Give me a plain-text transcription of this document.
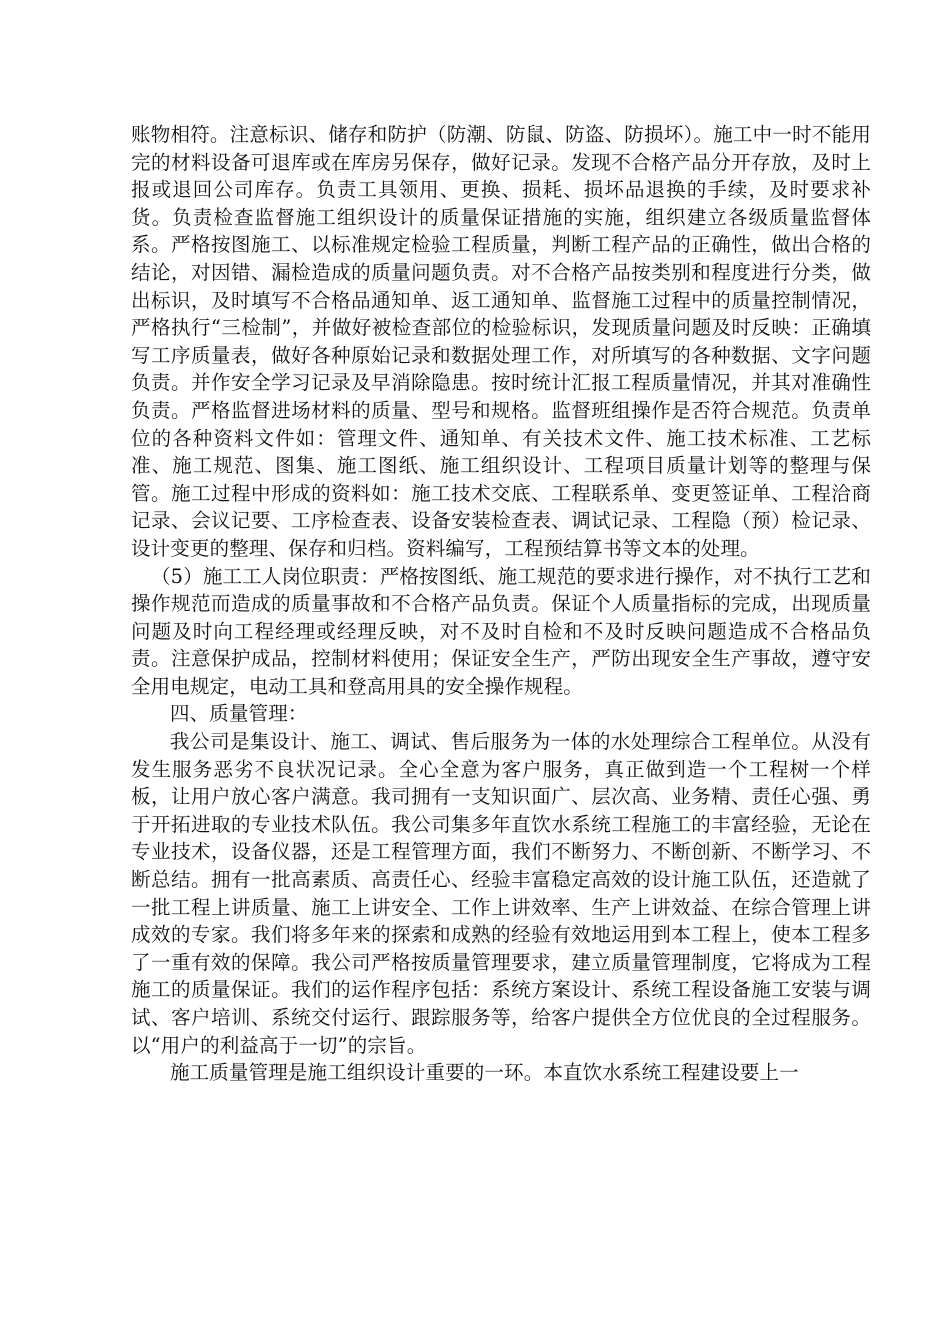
账物相符。注意标识、储存和防护（防潮、防鼠、防盗、防损坏）。施工中一时不能用完的材料设备可退库或在库房另保存，做好记录。发现不合格产品分开存放，及时上报或退回公司库存。负责工具领用、更换、损耗、损坏品退换的手续，及时要求补货。负责检查监督施工组织设计的质量保证措施的实施，组织建立各级质量监督体系。严格按图施工、以标准规定检验工程质量，判断工程产品的正确性，做出合格的结论，对因错、漏检造成的质量问题负责。对不合格产品按类别和程度进行分类，做出标识，及时填写不合格品通知单、返工通知单、监督施工过程中的质量控制情况，严格执行“三检制”，并做好被检查部位的检验标识，发现质量问题及时反映：正确填写工序质量表，做好各种原始记录和数据处理工作，对所填写的各种数据、文字问题负责。并作安全学习记录及早消除隐患。按时统计汇报工程质量情况，并其对准确性负责。严格监督进场材料的质量、型号和规格。监督班组操作是否符合规范。负责单位的各种资料文件如：管理文件、通知单、有关技术文件、施工技术标准、工艺标准、施工规范、图集、施工图纸、施工组织设计、工程项目质量计划等的整理与保管。施工过程中形成的资料如：施工技术交底、工程联系单、变更签证单、工程洽商记录、会议记要、工序检查表、设备安装检查表、调试记录、工程隐（预）检记录、设计变更的整理、保存和归档。资料编写，工程预结算书等文本的处理。

（5）施工工人岗位职责：严格按图纸、施工规范的要求进行操作，对不执行工艺和操作规范而造成的质量事故和不合格产品负责。保证个人质量指标的完成，出现质量问题及时向工程经理或经理反映，对不及时自检和不及时反映问题造成不合格品负责。注意保护成品，控制材料使用；保证安全生产，严防出现安全生产事故，遵守安全用电规定，电动工具和登高用具的安全操作规程。

四、质量管理：

我公司是集设计、施工、调试、售后服务为一体的水处理综合工程单位。从没有发生服务恶劣不良状况记录。全心全意为客户服务，真正做到造一个工程树一个样板，让用户放心客户满意。我司拥有一支知识面广、层次高、业务精、责任心强、勇于开拓进取的专业技术队伍。我公司集多年直饮水系统工程施工的丰富经验，无论在专业技术，设备仪器，还是工程管理方面，我们不断努力、不断创新、不断学习、不断总结。拥有一批高素质、高责任心、经验丰富稳定高效的设计施工队伍，还造就了一批工程上讲质量、施工上讲安全、工作上讲效率、生产上讲效益、在综合管理上讲成效的专家。我们将多年来的探索和成熟的经验有效地运用到本工程上，使本工程多了一重有效的保障。我公司严格按质量管理要求，建立质量管理制度，它将成为工程施工的质量保证。我们的运作程序包括：系统方案设计、系统工程设备施工安装与调试、客户培训、系统交付运行、跟踪服务等，给客户提供全方位优良的全过程服务。以“用户的利益高于一切”的宗旨。

施工质量管理是施工组织设计重要的一环。本直饮水系统工程建设要上一
